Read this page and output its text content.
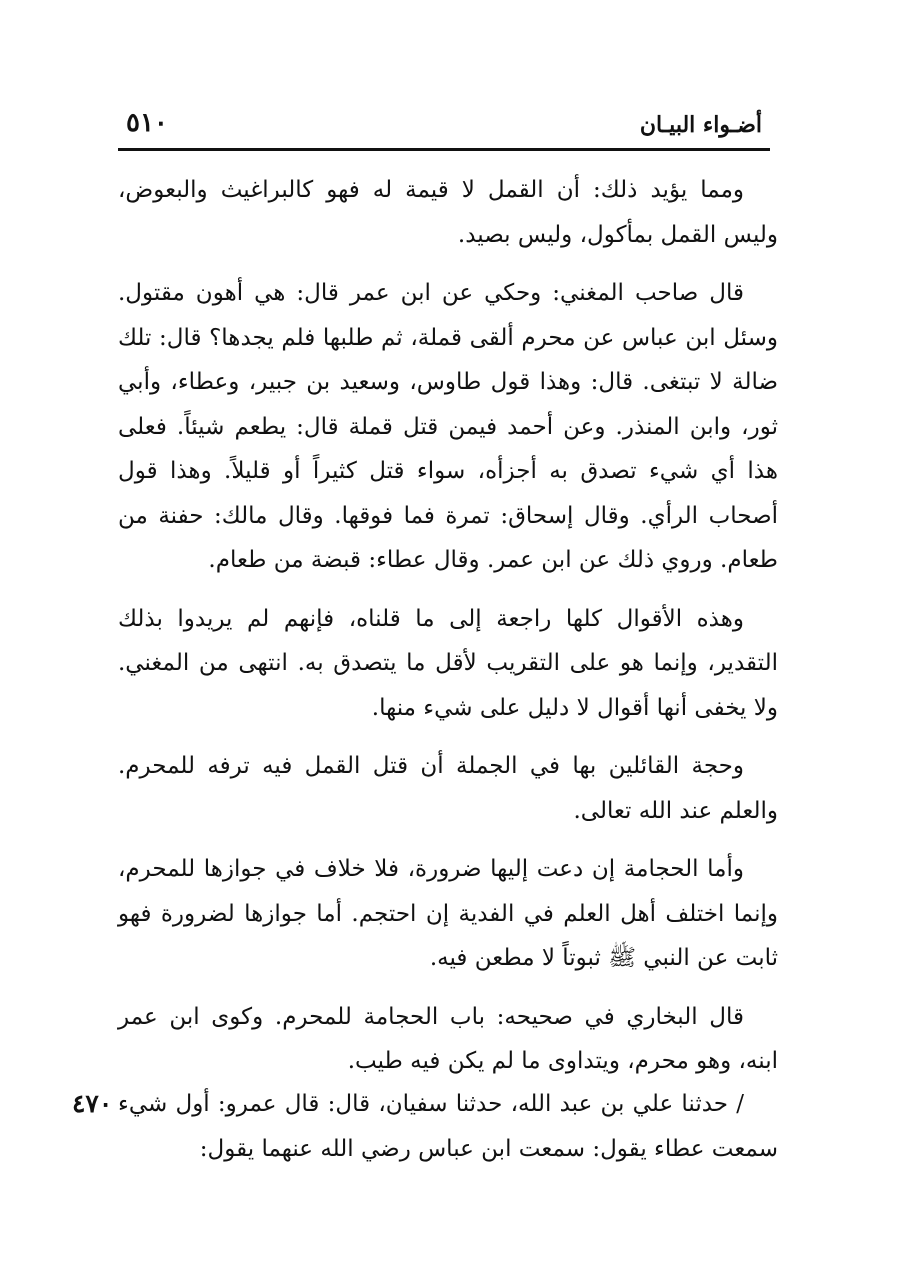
أضـواء البيـان
٥١٠

ومما يؤيد ذلك: أن القمل لا قيمة له فهو كالبراغيث والبعوض، وليس القمل بمأكول، وليس بصيد.

قال صاحب المغني: وحكي عن ابن عمر قال: هي أهون مقتول. وسئل ابن عباس عن محرم ألقى قملة، ثم طلبها فلم يجدها؟ قال: تلك ضالة لا تبتغى. قال: وهذا قول طاوس، وسعيد بن جبير، وعطاء، وأبي ثور، وابن المنذر. وعن أحمد فيمن قتل قملة قال: يطعم شيئاً. فعلى هذا أي شيء تصدق به أجزأه، سواء قتل كثيراً أو قليلاً. وهذا قول أصحاب الرأي. وقال إسحاق: تمرة فما فوقها. وقال مالك: حفنة من طعام. وروي ذلك عن ابن عمر. وقال عطاء: قبضة من طعام.

وهذه الأقوال كلها راجعة إلى ما قلناه، فإنهم لم يريدوا بذلك التقدير، وإنما هو على التقريب لأقل ما يتصدق به. انتهى من المغني. ولا يخفى أنها أقوال لا دليل على شيء منها.

وحجة القائلين بها في الجملة أن قتل القمل فيه ترفه للمحرم. والعلم عند الله تعالى.

وأما الحجامة إن دعت إليها ضرورة، فلا خلاف في جوازها للمحرم، وإنما اختلف أهل العلم في الفدية إن احتجم. أما جوازها لضرورة فهو ثابت عن النبي ﷺ ثبوتاً لا مطعن فيه.

قال البخاري في صحيحه: باب الحجامة للمحرم. وكوى ابن عمر ابنه، وهو محرم، ويتداوى ما لم يكن فيه طيب.

٤٧٠ / حدثنا علي بن عبد الله، حدثنا سفيان، قال: قال عمرو: أول شيء سمعت عطاء يقول: سمعت ابن عباس رضي الله عنهما يقول:
